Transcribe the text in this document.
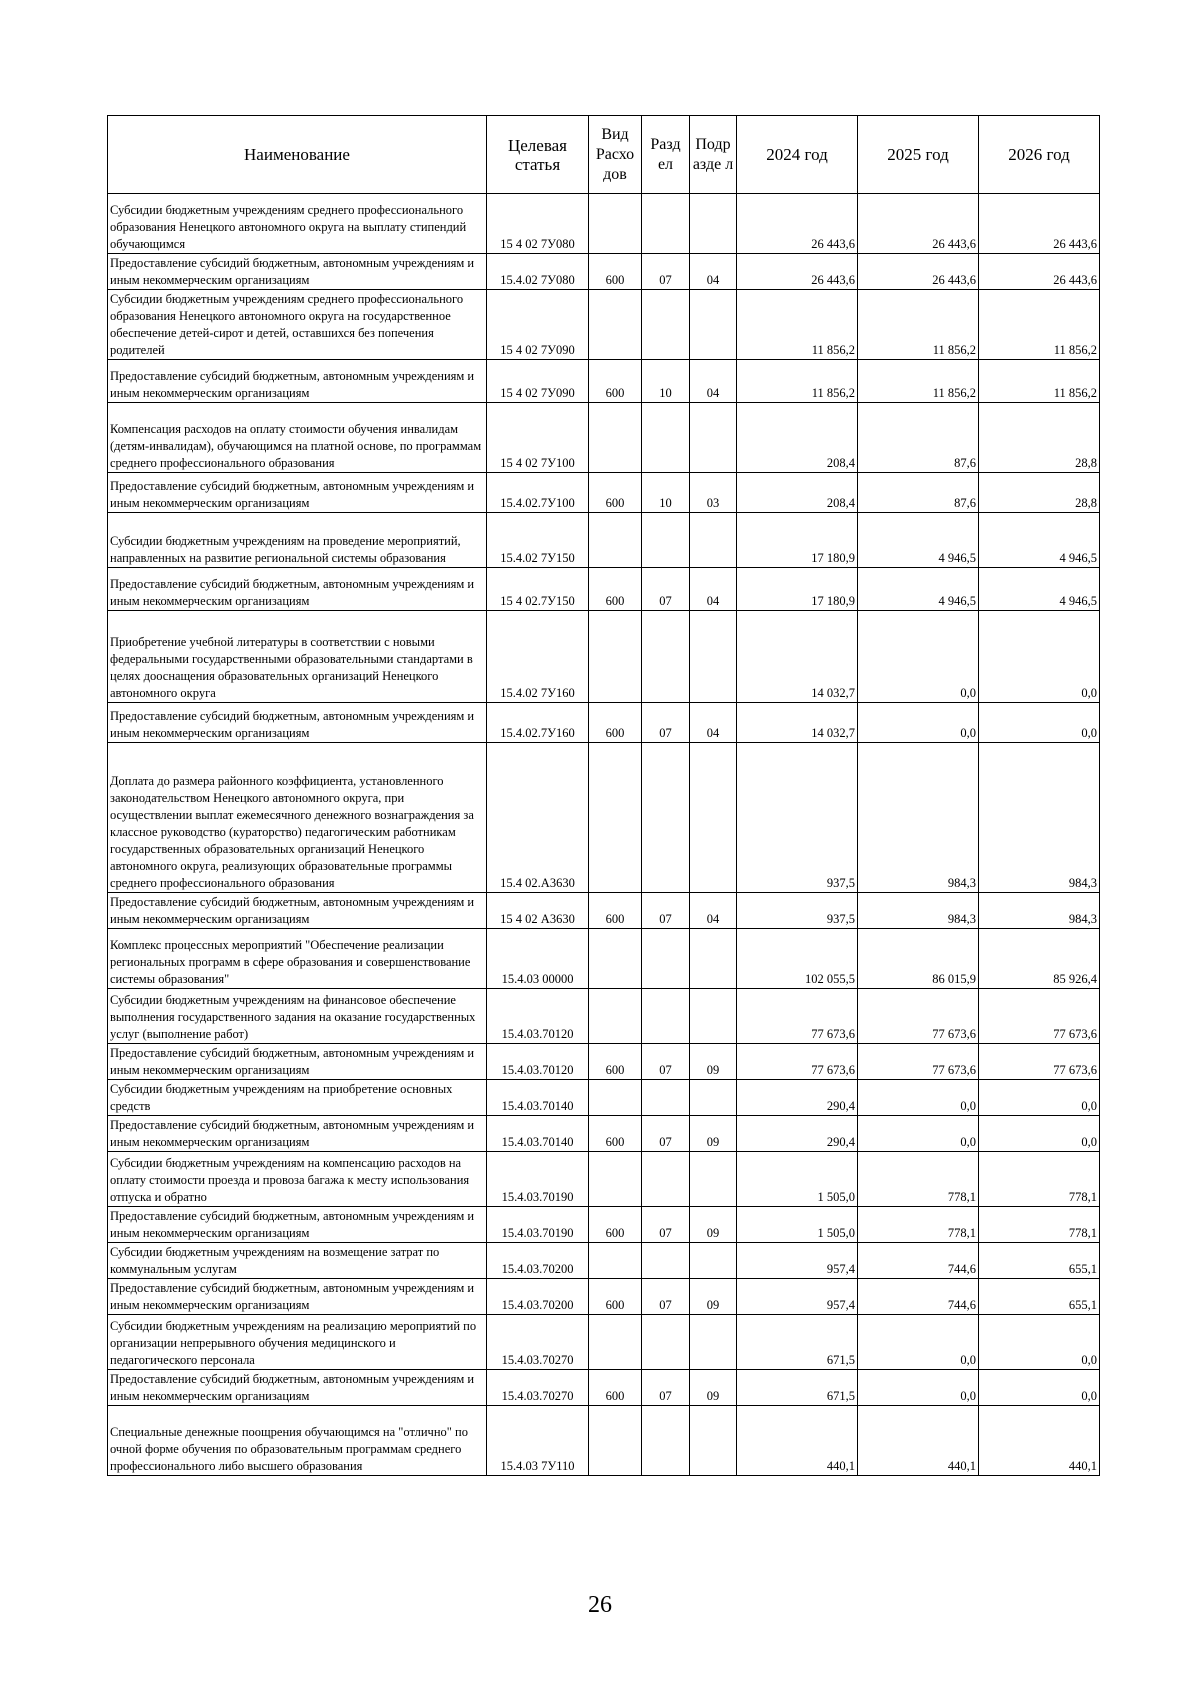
Наименование	Целевая статья	Вид Расхо дов	Разд ел	Подр азде л	2024 год	2025 год	2026 год
Субсидии бюджетным учреждениям среднего профессионального образования Ненецкого автономного округа на выплату стипендий обучающимся	15 4 02 7У080				26 443,6	26 443,6	26 443,6
Предоставление субсидий бюджетным, автономным учреждениям и иным некоммерческим организациям	15.4.02 7У080	600	07	04	26 443,6	26 443,6	26 443,6
Субсидии бюджетным учреждениям среднего профессионального образования Ненецкого автономного округа на государственное обеспечение детей-сирот и детей, оставшихся без попечения родителей	15 4 02 7У090				11 856,2	11 856,2	11 856,2
Предоставление субсидий бюджетным, автономным учреждениям и иным некоммерческим организациям	15 4 02 7У090	600	10	04	11 856,2	11 856,2	11 856,2
Компенсация расходов на оплату стоимости обучения инвалидам (детям-инвалидам), обучающимся на платной основе, по программам среднего профессионального образования	15 4 02 7У100				208,4	87,6	28,8
Предоставление субсидий бюджетным, автономным учреждениям и иным некоммерческим организациям	15.4.02.7У100	600	10	03	208,4	87,6	28,8
Субсидии бюджетным учреждениям на проведение мероприятий, направленных на развитие региональной системы образования	15.4.02 7У150				17 180,9	4 946,5	4 946,5
Предоставление субсидий бюджетным, автономным учреждениям и иным некоммерческим организациям	15 4 02.7У150	600	07	04	17 180,9	4 946,5	4 946,5
Приобретение учебной литературы в соответствии с новыми федеральными государственными образовательными стандартами в целях дооснащения образовательных организаций Ненецкого автономного округа	15.4.02 7У160				14 032,7	0,0	0,0
Предоставление субсидий бюджетным, автономным учреждениям и иным некоммерческим организациям	15.4.02.7У160	600	07	04	14 032,7	0,0	0,0
Доплата до размера районного коэффициента, установленного законодательством Ненецкого автономного округа, при осуществлении выплат ежемесячного денежного вознаграждения за классное руководство (кураторство) педагогическим работникам государственных образовательных организаций Ненецкого автономного округа, реализующих образовательные программы среднего профессионального образования	15.4 02.А3630				937,5	984,3	984,3
Предоставление субсидий бюджетным, автономным учреждениям и иным некоммерческим организациям	15 4 02 А3630	600	07	04	937,5	984,3	984,3
Комплекс процессных мероприятий "Обеспечение реализации региональных программ в сфере образования и совершенствование системы образования"	15.4.03 00000				102 055,5	86 015,9	85 926,4
Субсидии бюджетным учреждениям на финансовое обеспечение выполнения государственного задания на оказание государственных услуг (выполнение работ)	15.4.03.70120				77 673,6	77 673,6	77 673,6
Предоставление субсидий бюджетным, автономным учреждениям и иным некоммерческим организациям	15.4.03.70120	600	07	09	77 673,6	77 673,6	77 673,6
Субсидии бюджетным учреждениям на приобретение основных средств	15.4.03.70140				290,4	0,0	0,0
Предоставление субсидий бюджетным, автономным учреждениям и иным некоммерческим организациям	15.4.03.70140	600	07	09	290,4	0,0	0,0
Субсидии бюджетным учреждениям на компенсацию расходов на оплату стоимости проезда и провоза багажа к месту использования отпуска и обратно	15.4.03.70190				1 505,0	778,1	778,1
Предоставление субсидий бюджетным, автономным учреждениям и иным некоммерческим организациям	15.4.03.70190	600	07	09	1 505,0	778,1	778,1
Субсидии бюджетным учреждениям на возмещение затрат по коммунальным услугам	15.4.03.70200				957,4	744,6	655,1
Предоставление субсидий бюджетным, автономным учреждениям и иным некоммерческим организациям	15.4.03.70200	600	07	09	957,4	744,6	655,1
Субсидии бюджетным учреждениям на реализацию мероприятий по организации непрерывного обучения медицинского и педагогического персонала	15.4.03.70270				671,5	0,0	0,0
Предоставление субсидий бюджетным, автономным учреждениям и иным некоммерческим организациям	15.4.03.70270	600	07	09	671,5	0,0	0,0
Специальные денежные поощрения обучающимся на "отлично" по очной форме обучения по образовательным программам среднего профессионального либо высшего образования	15.4.03 7У110				440,1	440,1	440,1
26
